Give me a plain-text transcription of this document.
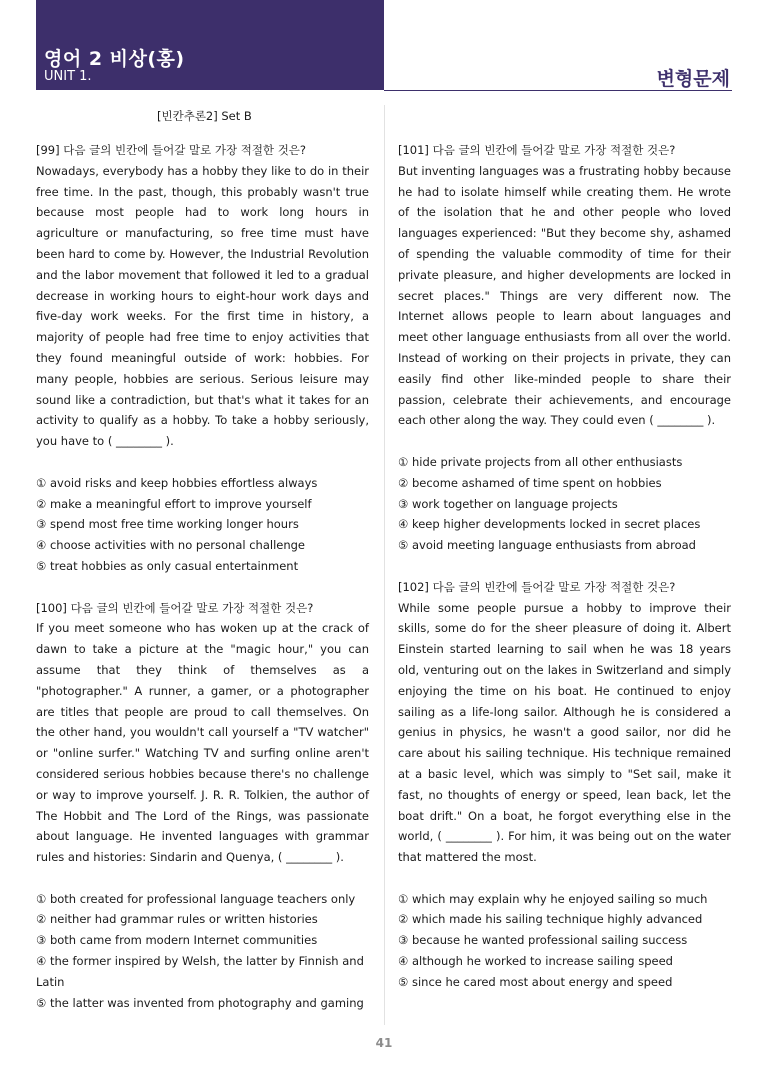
영어 2 비상(홍)
UNIT 1.	변형문제
[빈칸추론2] Set B

[99] 다음 글의 빈칸에 들어갈 말로 가장 적절한 것은?

Nowadays, everybody has a hobby they like to do in their free time. In the past, though, this probably wasn't true because most people had to work long hours in agriculture or manufacturing, so free time must have been hard to come by. However, the Industrial Revolution and the labor movement that followed it led to a gradual decrease in working hours to eight-hour work days and five-day work weeks. For the first time in history, a majority of people had free time to enjoy activities that they found meaningful outside of work: hobbies. For many people, hobbies are serious. Serious leisure may sound like a contradiction, but that's what it takes for an activity to qualify as a hobby. To take a hobby seriously, you have to ( ________ ).

① avoid risks and keep hobbies effortless always
② make a meaningful effort to improve yourself
③ spend most free time working longer hours
④ choose activities with no personal challenge
⑤ treat hobbies as only casual entertainment

[100] 다음 글의 빈칸에 들어갈 말로 가장 적절한 것은?

If you meet someone who has woken up at the crack of dawn to take a picture at the "magic hour," you can assume that they think of themselves as a "photographer." A runner, a gamer, or a photographer are titles that people are proud to call themselves. On the other hand, you wouldn't call yourself a "TV watcher" or "online surfer." Watching TV and surfing online aren't considered serious hobbies because there's no challenge or way to improve yourself. J. R. R. Tolkien, the author of The Hobbit and The Lord of the Rings, was passionate about language. He invented languages with grammar rules and histories: Sindarin and Quenya, ( ________ ).

① both created for professional language teachers only
② neither had grammar rules or written histories
③ both came from modern Internet communities
④ the former inspired by Welsh, the latter by Finnish and Latin
⑤ the latter was invented from photography and gaming

[101] 다음 글의 빈칸에 들어갈 말로 가장 적절한 것은?

But inventing languages was a frustrating hobby because he had to isolate himself while creating them. He wrote of the isolation that he and other people who loved languages experienced: "But they become shy, ashamed of spending the valuable commodity of time for their private pleasure, and higher developments are locked in secret places." Things are very different now. The Internet allows people to learn about languages and meet other language enthusiasts from all over the world. Instead of working on their projects in private, they can easily find other like-minded people to share their passion, celebrate their achievements, and encourage each other along the way. They could even ( ________ ).

① hide private projects from all other enthusiasts
② become ashamed of time spent on hobbies
③ work together on language projects
④ keep higher developments locked in secret places
⑤ avoid meeting language enthusiasts from abroad

[102] 다음 글의 빈칸에 들어갈 말로 가장 적절한 것은?

While some people pursue a hobby to improve their skills, some do for the sheer pleasure of doing it. Albert Einstein started learning to sail when he was 18 years old, venturing out on the lakes in Switzerland and simply enjoying the time on his boat. He continued to enjoy sailing as a life-long sailor. Although he is considered a genius in physics, he wasn't a good sailor, nor did he care about his sailing technique. His technique remained at a basic level, which was simply to "Set sail, make it fast, no thoughts of energy or speed, lean back, let the boat drift." On a boat, he forgot everything else in the world, ( ________ ). For him, it was being out on the water that mattered the most.

① which may explain why he enjoyed sailing so much
② which made his sailing technique highly advanced
③ because he wanted professional sailing success
④ although he worked to increase sailing speed
⑤ since he cared most about energy and speed
41
